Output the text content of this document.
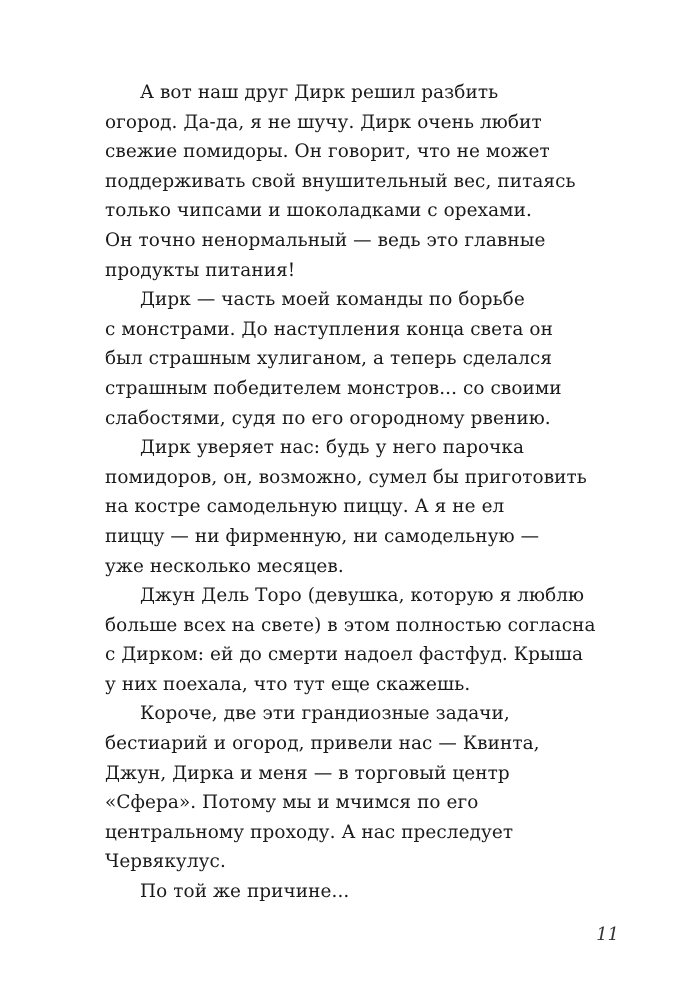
А вот наш друг Дирк решил разбить
огород. Да-да, я не шучу. Дирк очень любит
свежие помидоры. Он говорит, что не может
поддерживать свой внушительный вес, питаясь
только чипсами и шоколадками с орехами.
Он точно ненормальный — ведь это главные
продукты питания!
Дирк — часть моей команды по борьбе
с монстрами. До наступления конца света он
был страшным хулиганом, а теперь сделался
страшным победителем монстров... со своими
слабостями, судя по его огородному рвению.
Дирк уверяет нас: будь у него парочка
помидоров, он, возможно, сумел бы приготовить
на костре самодельную пиццу. А я не ел
пиццу — ни фирменную, ни самодельную —
уже несколько месяцев.
Джун Дель Торо (девушка, которую я люблю
больше всех на свете) в этом полностью согласна
с Дирком: ей до смерти надоел фастфуд. Крыша
у них поехала, что тут еще скажешь.
Короче, две эти грандиозные задачи,
бестиарий и огород, привели нас — Квинта,
Джун, Дирка и меня — в торговый центр
«Сфера». Потому мы и мчимся по его
центральному проходу. А нас преследует
Червякулус.
По той же причине...
11
